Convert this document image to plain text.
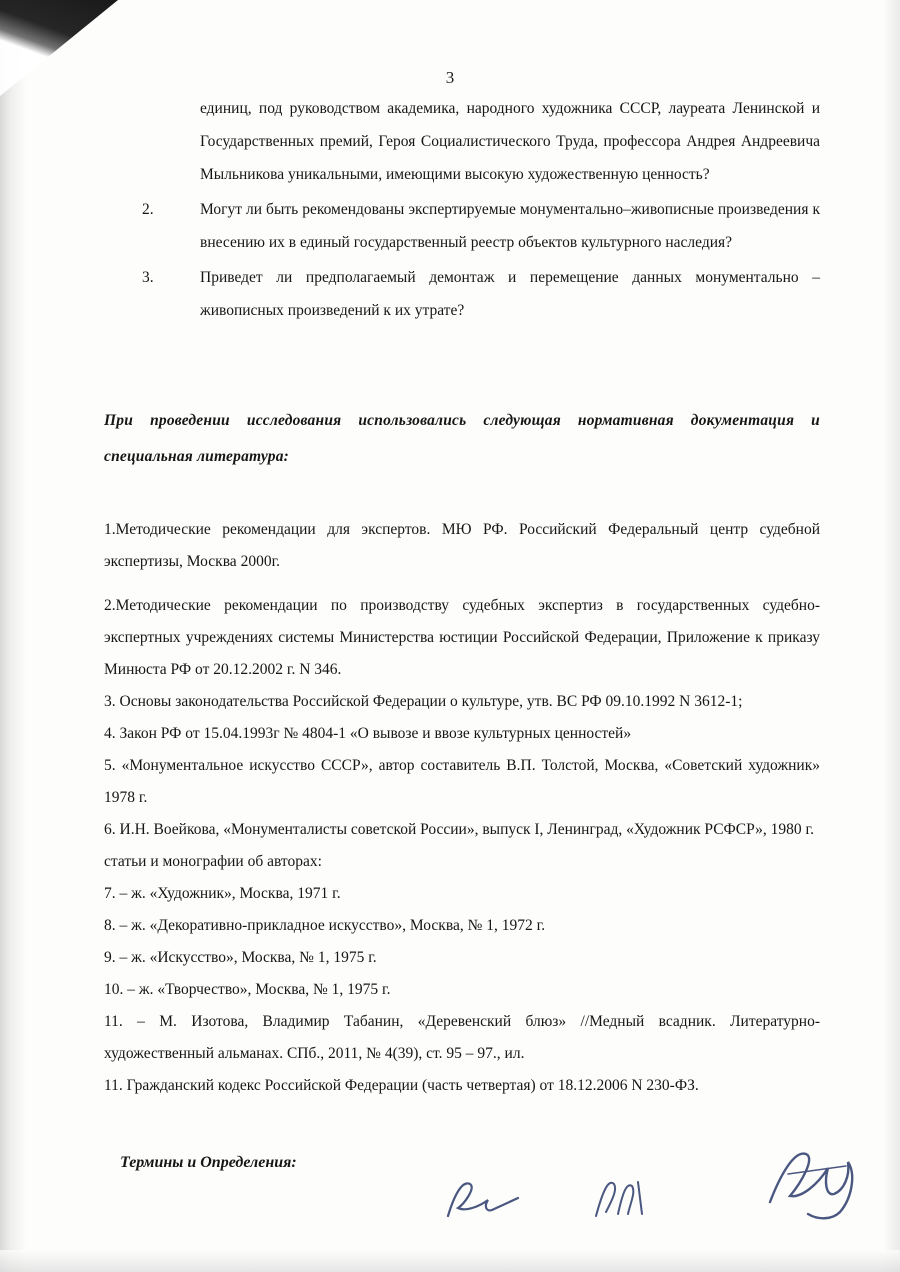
3

единиц, под руководством академика, народного художника СССР, лауреата Ленинской и Государственных премий, Героя Социалистического Труда, профессора Андрея Андреевича Мыльникова уникальными, имеющими высокую художественную ценность?

2.	Могут ли быть рекомендованы экспертируемые монументально–живописные произведения к внесению их в единый государственный реестр объектов культурного наследия?

3.	Приведет ли предполагаемый демонтаж и перемещение данных монументально – живописных произведений к их утрате?

При проведении исследования использовались следующая нормативная документация и специальная литература:

1.Методические рекомендации для экспертов. МЮ РФ. Российский Федеральный центр судебной экспертизы, Москва 2000г.

2.Методические рекомендации по производству судебных экспертиз в государственных судебно-экспертных учреждениях системы Министерства юстиции Российской Федерации, Приложение к приказу Минюста РФ от 20.12.2002 г. N 346.

3. Основы законодательства Российской Федерации о культуре, утв. ВС РФ 09.10.1992 N 3612-1;

4. Закон РФ от 15.04.1993г № 4804-1 «О вывозе и ввозе культурных ценностей»

5. «Монументальное искусство СССР», автор составитель В.П. Толстой, Москва, «Советский художник» 1978 г.

6. И.Н. Воейкова, «Монументалисты советской России», выпуск I, Ленинград, «Художник РСФСР», 1980 г.

статьи и монографии об авторах:

7. – ж. «Художник», Москва, 1971 г.

8. – ж. «Декоративно-прикладное искусство», Москва, № 1, 1972 г.

9. – ж. «Искусство», Москва, № 1, 1975 г.

10. – ж. «Творчество», Москва, № 1, 1975 г.

11. – М. Изотова, Владимир Табанин, «Деревенский блюз» //Медный всадник. Литературно-художественный альманах. СПб., 2011, № 4(39), ст. 95 – 97., ил.

11. Гражданский кодекс Российской Федерации (часть четвертая) от 18.12.2006 N 230-ФЗ.

Термины и Определения:
